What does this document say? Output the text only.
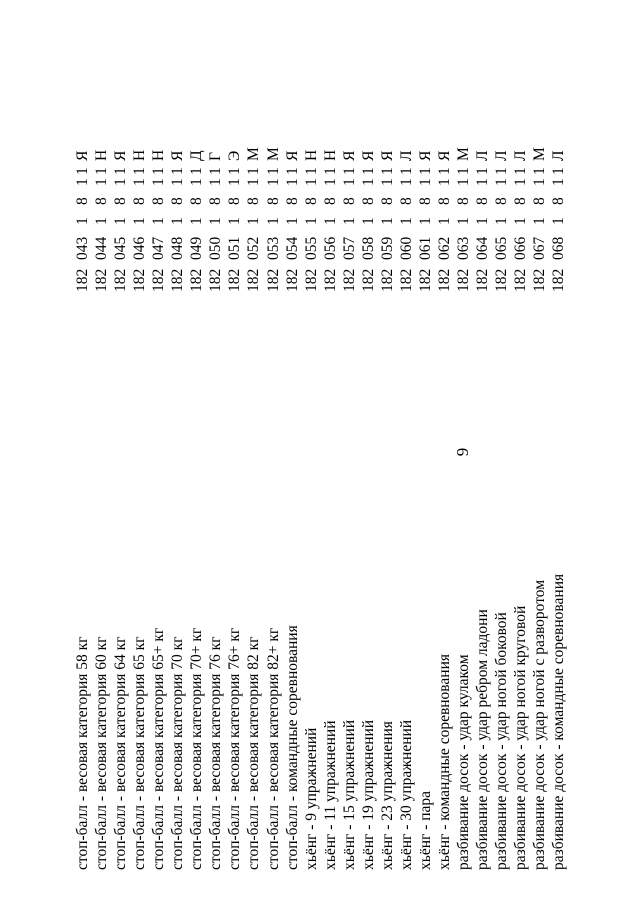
9
стоп-балл - весовая категория 58 кг
182
043
1
8
1
1
Я
стоп-балл - весовая категория 60 кг
182
044
1
8
1
1
Н
стоп-балл - весовая категория 64 кг
182
045
1
8
1
1
Я
стоп-балл - весовая категория 65 кг
182
046
1
8
1
1
Н
стоп-балл - весовая категория 65+ кг
182
047
1
8
1
1
Н
стоп-балл - весовая категория 70 кг
182
048
1
8
1
1
Я
стоп-балл - весовая категория 70+ кг
182
049
1
8
1
1
Д
стоп-балл - весовая категория 76 кг
182
050
1
8
1
1
Г
стоп-балл - весовая категория 76+ кг
182
051
1
8
1
1
Э
стоп-балл - весовая категория 82 кг
182
052
1
8
1
1
М
стоп-балл - весовая категория 82+ кг
182
053
1
8
1
1
М
стоп-балл - командные соревнования
182
054
1
8
1
1
Я
хьёнг - 9 упражнений
182
055
1
8
1
1
Н
хьёнг - 11 упражнений
182
056
1
8
1
1
Н
хьёнг - 15 упражнений
182
057
1
8
1
1
Я
хьёнг - 19 упражнений
182
058
1
8
1
1
Я
хьёнг - 23 упражнения
182
059
1
8
1
1
Я
хьёнг - 30 упражнений
182
060
1
8
1
1
Л
хьёнг - пара
182
061
1
8
1
1
Я
хьёнг - командные соревнования
182
062
1
8
1
1
Я
разбивание досок - удар кулаком
182
063
1
8
1
1
М
разбивание досок - удар ребром ладони
182
064
1
8
1
1
Л
разбивание досок - удар ногой боковой
182
065
1
8
1
1
Л
разбивание досок - удар ногой круговой
182
066
1
8
1
1
Л
разбивание досок - удар ногой с разворотом
182
067
1
8
1
1
М
разбивание досок - командные соревнования
182
068
1
8
1
1
Л
